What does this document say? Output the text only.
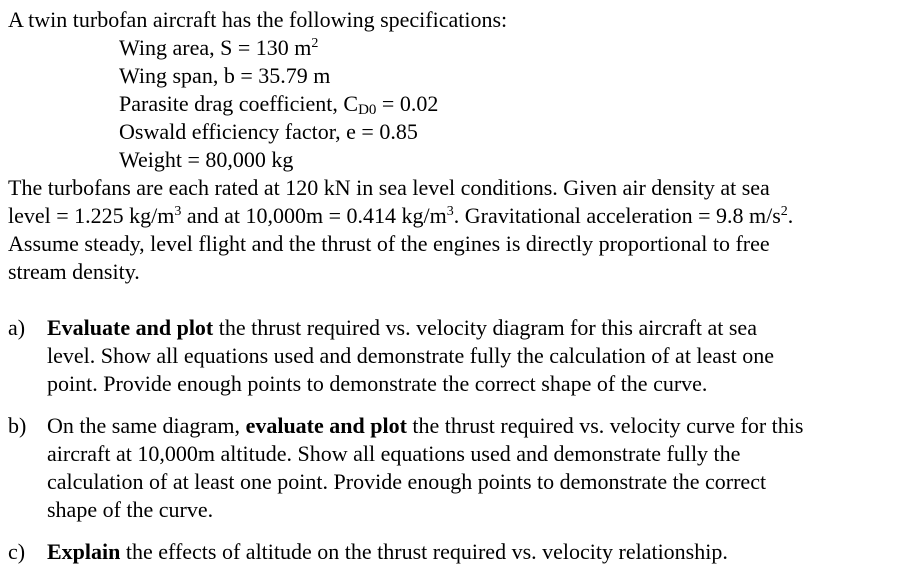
A twin turbofan aircraft has the following specifications:
Wing area, S = 130 $m^2$
Wing span, b = 35.79 m
Parasite drag coefficient, $C_{D0} = 0.02$
Oswald efficiency factor, e = 0.85
Weight = 80,000 kg
The turbofans are each rated at 120 kN in sea level conditions. Given air density at sea
level = 1.225 $kg/m^3$ and at 10,000m = 0.414 $kg/m^3$. Gravitational acceleration = 9.8 $m/s^2$.
Assume steady, level flight and the thrust of the engines is directly proportional to free
stream density.
a) Evaluate and plot the thrust required vs. velocity diagram for this aircraft at sea
level. Show all equations used and demonstrate fully the calculation of at least one
point. Provide enough points to demonstrate the correct shape of the curve.
b) On the same diagram, evaluate and plot the thrust required vs. velocity curve for this
aircraft at 10,000m altitude. Show all equations used and demonstrate fully the
calculation of at least one point. Provide enough points to demonstrate the correct
shape of the curve.
c) Explain the effects of altitude on the thrust required vs. velocity relationship.
